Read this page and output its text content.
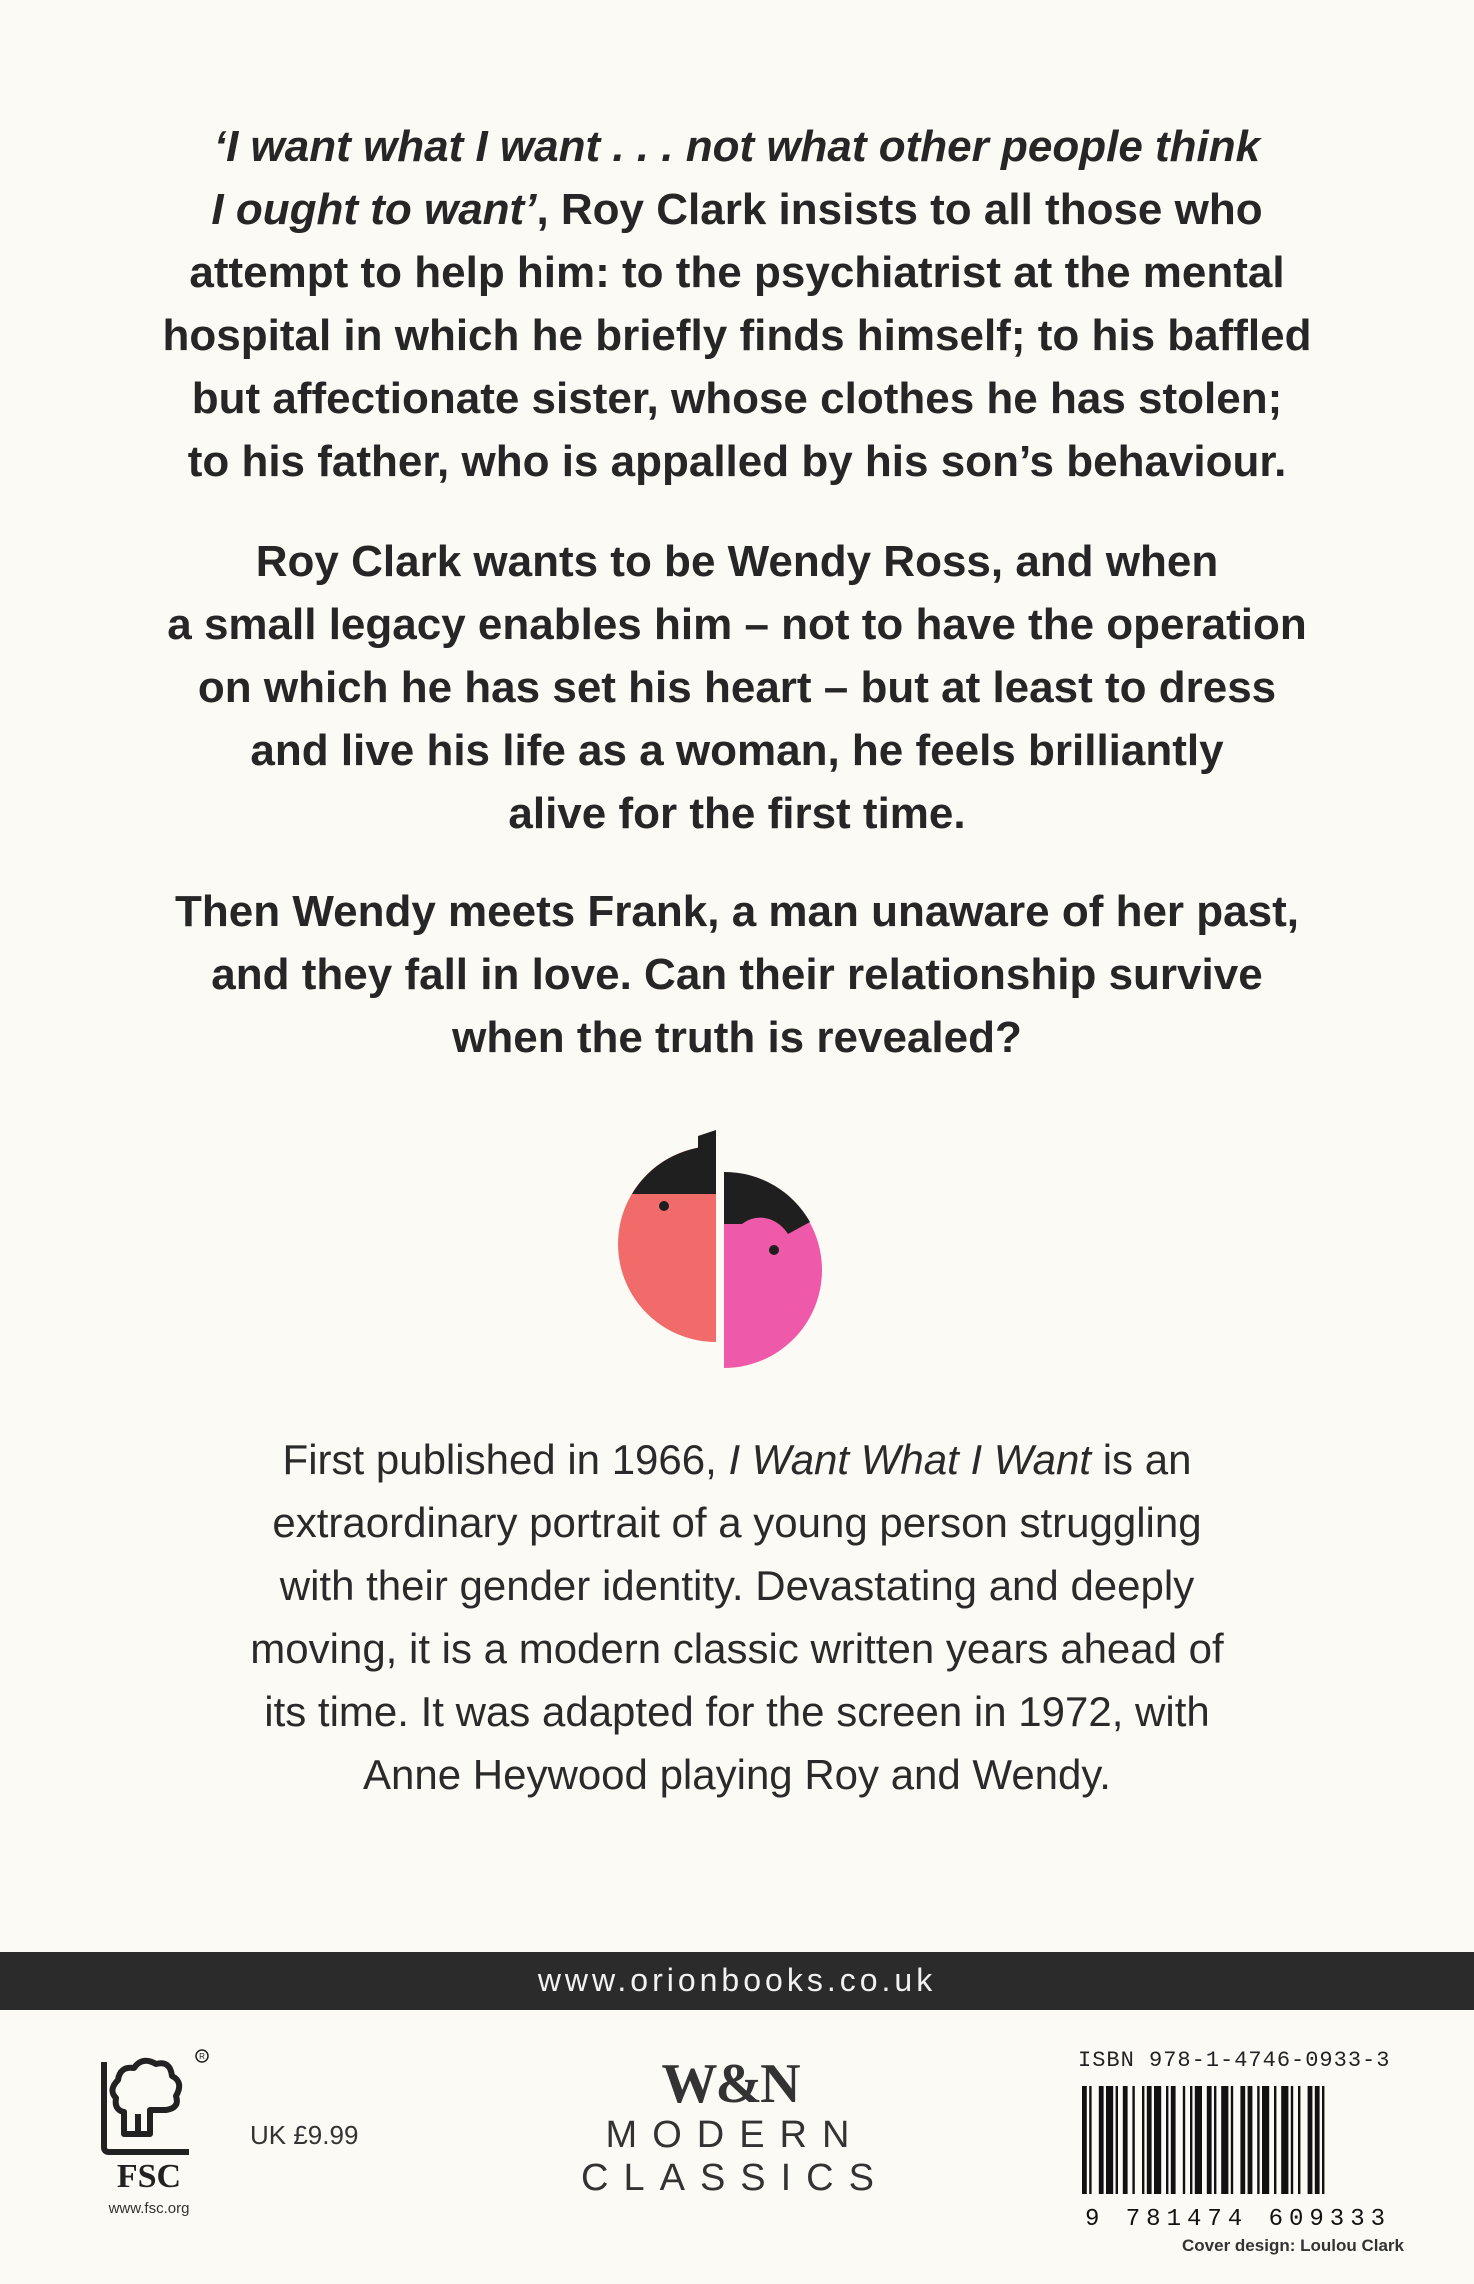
‘I want what I want . . . not what other people think
I ought to want’, Roy Clark insists to all those who
attempt to help him: to the psychiatrist at the mental
hospital in which he briefly finds himself; to his baffled
but affectionate sister, whose clothes he has stolen;
to his father, who is appalled by his son’s behaviour.
Roy Clark wants to be Wendy Ross, and when
a small legacy enables him – not to have the operation
on which he has set his heart – but at least to dress
and live his life as a woman, he feels brilliantly
alive for the first time.
Then Wendy meets Frank, a man unaware of her past,
and they fall in love. Can their relationship survive
when the truth is revealed?
First published in 1966, I Want What I Want is an
extraordinary portrait of a young person struggling
with their gender identity. Devastating and deeply
moving, it is a modern classic written years ahead of
its time. It was adapted for the screen in 1972, with
Anne Heywood playing Roy and Wendy.
www.orionbooks.co.uk
R
FSC
www.fsc.org
UK £9.99
W&N
MODERN CLASSICS
ISBN 978-1-4746-0933-3
9 781474 609333
Cover design: Loulou Clark
